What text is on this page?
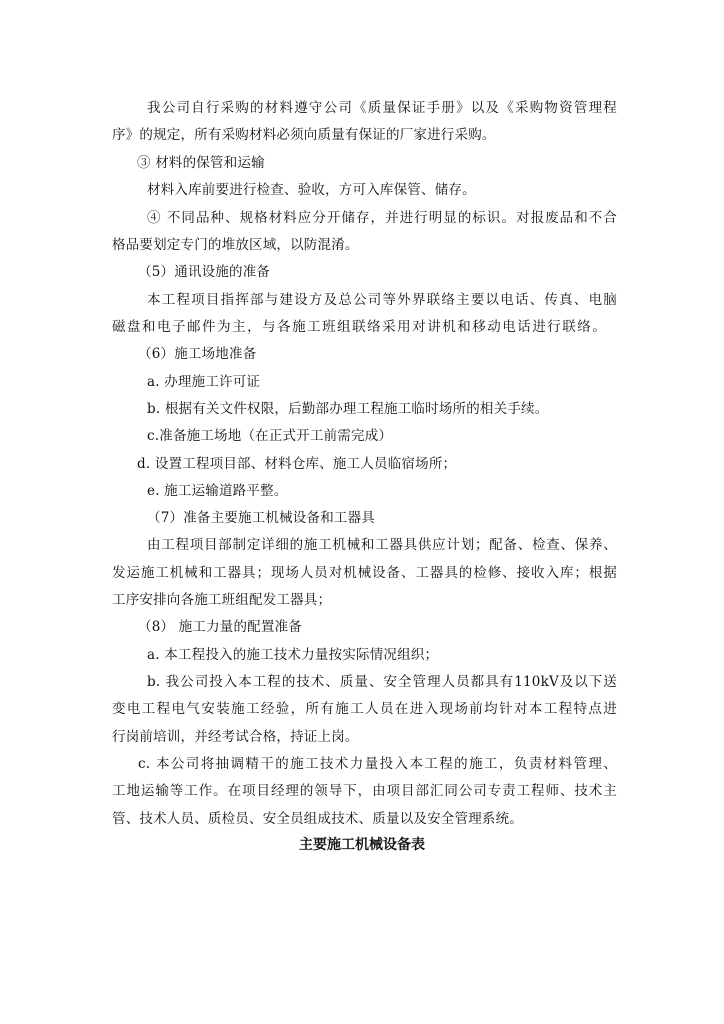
我公司自行采购的材料遵守公司《质量保证手册》以及《采购物资管理程
序》的规定，所有采购材料必须向质量有保证的厂家进行采购。
③ 材料的保管和运输
材料入库前要进行检查、验收，方可入库保管、储存。
④ 不同品种、规格材料应分开储存，并进行明显的标识。对报废品和不合
格品要划定专门的堆放区域，以防混淆。
（5）通讯设施的准备
本工程项目指挥部与建设方及总公司等外界联络主要以电话、传真、电脑
磁盘和电子邮件为主，与各施工班组联络采用对讲机和移动电话进行联络。
（6）施工场地准备
a. 办理施工许可证
b. 根据有关文件权限，后勤部办理工程施工临时场所的相关手续。
c.准备施工场地（在正式开工前需完成）
d. 设置工程项目部、材料仓库、施工人员临宿场所；
e. 施工运输道路平整。
（7）准备主要施工机械设备和工器具
由工程项目部制定详细的施工机械和工器具供应计划；配备、检查、保养、
发运施工机械和工器具；现场人员对机械设备、工器具的检修、接收入库；根据
工序安排向各施工班组配发工器具；
（8） 施工力量的配置准备
a. 本工程投入的施工技术力量按实际情况组织；
b. 我公司投入本工程的技术、质量、安全管理人员都具有110kV及以下送
变电工程电气安装施工经验，所有施工人员在进入现场前均针对本工程特点进
行岗前培训，并经考试合格，持证上岗。
c. 本公司将抽调精干的施工技术力量投入本工程的施工，负责材料管理、
工地运输等工作。在项目经理的领导下，由项目部汇同公司专责工程师、技术主
管、技术人员、质检员、安全员组成技术、质量以及安全管理系统。
主要施工机械设备表
